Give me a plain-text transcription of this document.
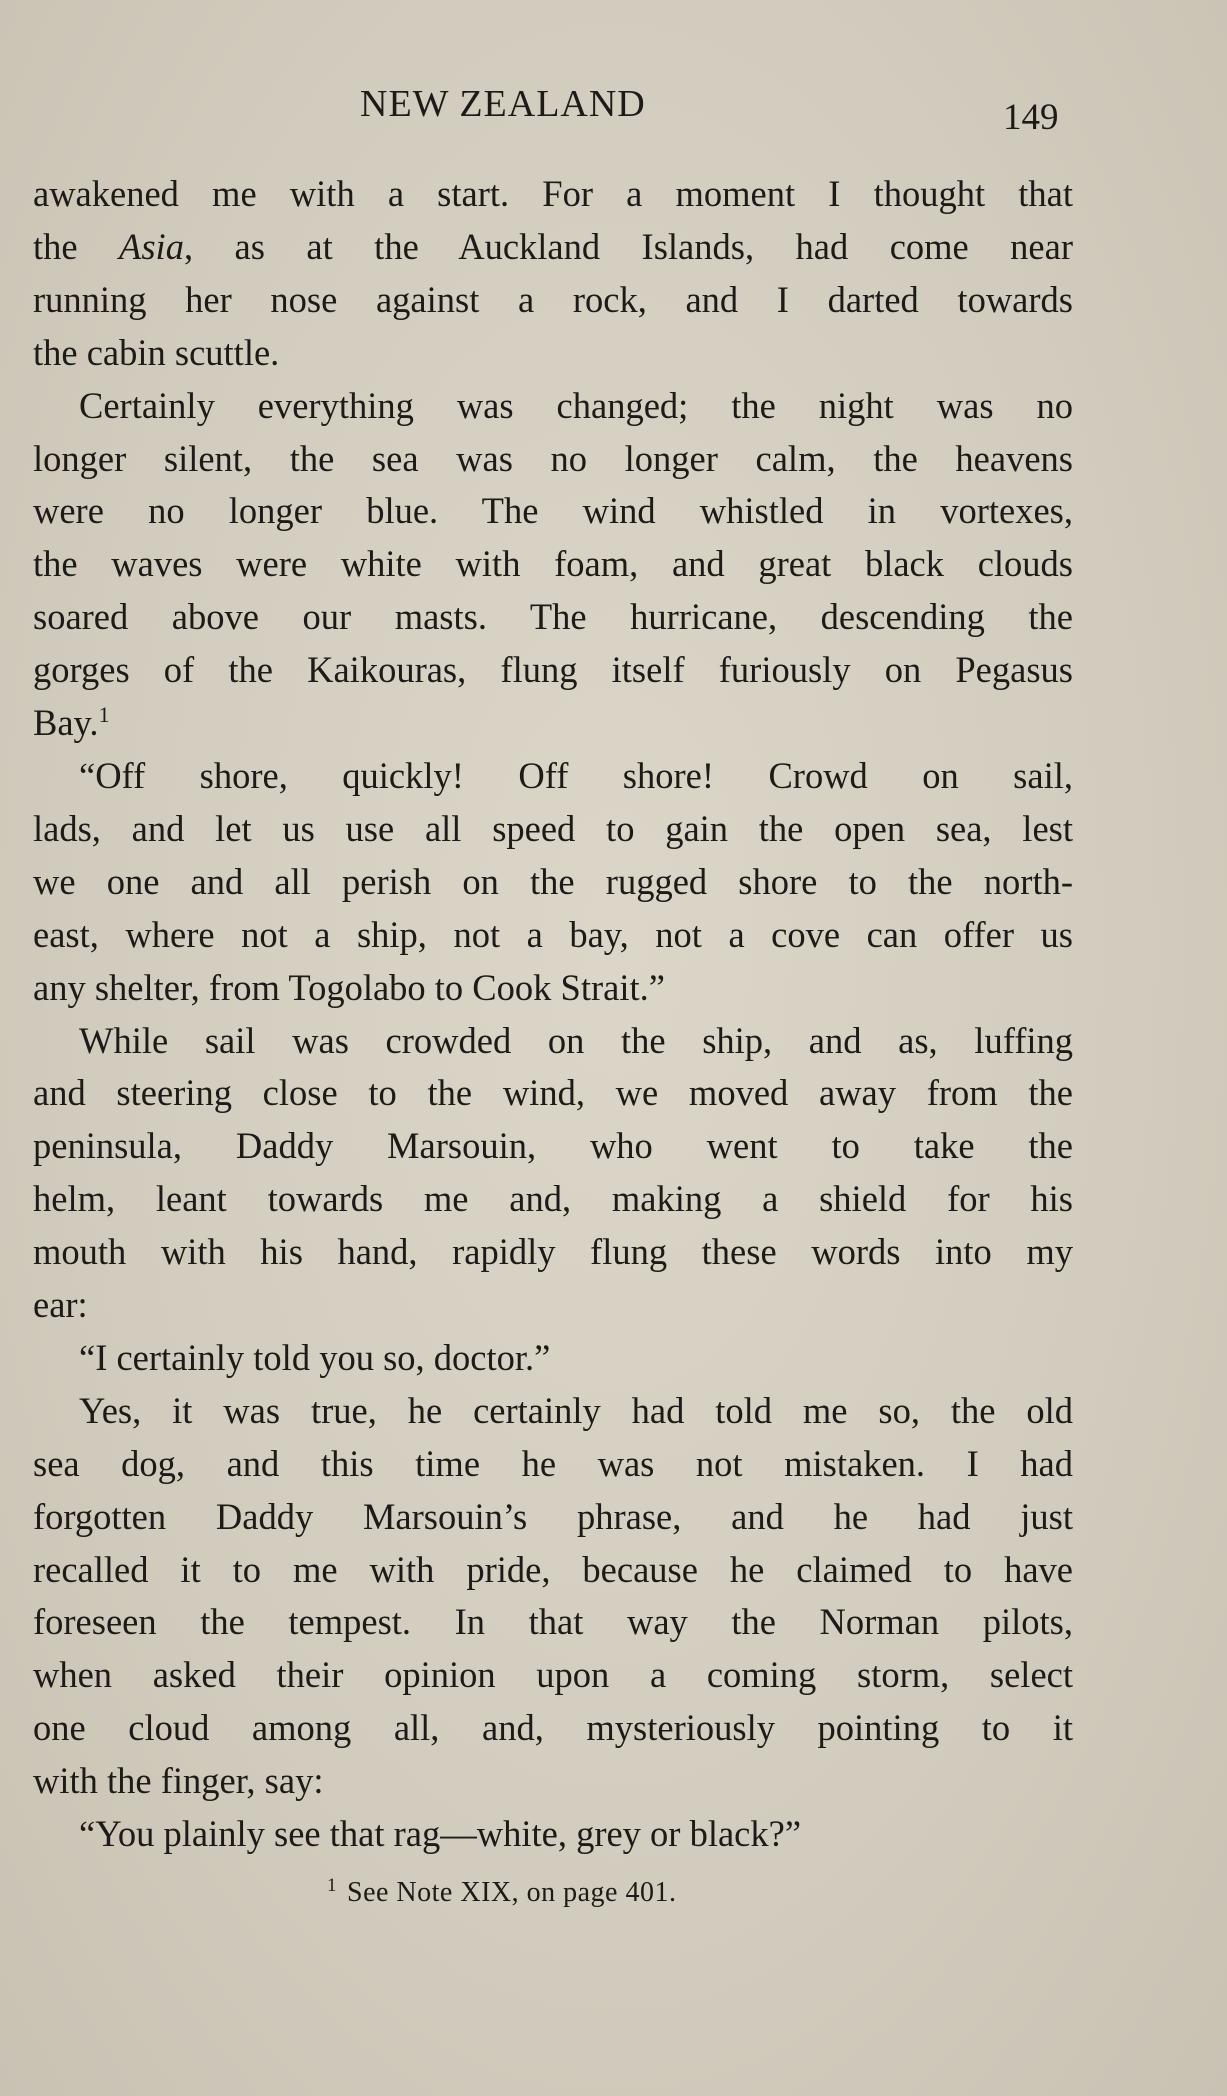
NEW ZEALAND	149
awakened me with a start. For a moment I thought that
the Asia, as at the Auckland Islands, had come near
running her nose against a rock, and I darted towards
the cabin scuttle.
Certainly everything was changed; the night was no
longer silent, the sea was no longer calm, the heavens
were no longer blue. The wind whistled in vortexes,
the waves were white with foam, and great black clouds
soared above our masts. The hurricane, descending the
gorges of the Kaikouras, flung itself furiously on Pegasus
Bay.$^1$
“Off shore, quickly! Off shore! Crowd on sail,
lads, and let us use all speed to gain the open sea, lest
we one and all perish on the rugged shore to the north-
east, where not a ship, not a bay, not a cove can offer us
any shelter, from Togolabo to Cook Strait.”
While sail was crowded on the ship, and as, luffing
and steering close to the wind, we moved away from the
peninsula, Daddy Marsouin, who went to take the
helm, leant towards me and, making a shield for his
mouth with his hand, rapidly flung these words into my
ear:
“I certainly told you so, doctor.”
Yes, it was true, he certainly had told me so, the old
sea dog, and this time he was not mistaken. I had
forgotten Daddy Marsouin’s phrase, and he had just
recalled it to me with pride, because he claimed to have
foreseen the tempest. In that way the Norman pilots,
when asked their opinion upon a coming storm, select
one cloud among all, and, mysteriously pointing to it
with the finger, say:
“You plainly see that rag—white, grey or black?”
$^1$ See Note XIX, on page 401.
